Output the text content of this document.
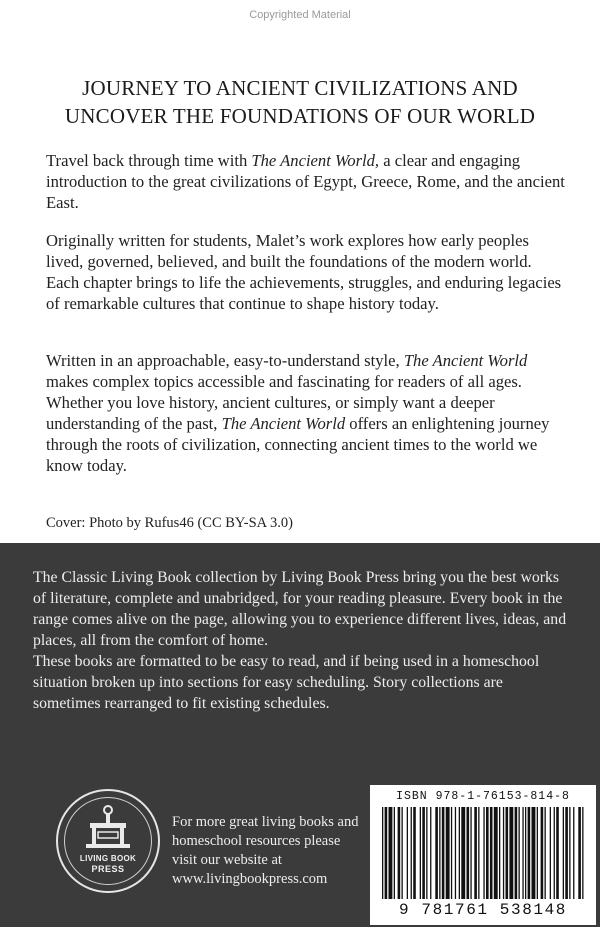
Copyrighted Material
JOURNEY TO ANCIENT CIVILIZATIONS AND
UNCOVER THE FOUNDATIONS OF OUR WORLD
Travel back through time with The Ancient World, a clear and engaging introduction to the great civilizations of Egypt, Greece, Rome, and the ancient East.
Originally written for students, Malet’s work explores how early peoples lived, governed, believed, and built the foundations of the modern world. Each chapter brings to life the achievements, struggles, and enduring legacies of remarkable cultures that continue to shape history today.
Written in an approachable, easy-to-understand style, The Ancient World makes complex topics accessible and fascinating for readers of all ages. Whether you love history, ancient cultures, or simply want a deeper understanding of the past, The Ancient World offers an enlightening journey through the roots of civilization, connecting ancient times to the world we know today.
Cover: Photo by Rufus46 (CC BY-SA 3.0)
The Classic Living Book collection by Living Book Press bring you the best works of literature, complete and unabridged, for your reading pleasure. Every book in the range comes alive on the page, allowing you to experience different lives, ideas, and places, all from the comfort of home.
These books are formatted to be easy to read, and if being used in a homeschool situation broken up into sections for easy scheduling. Story collections are sometimes rearranged to fit existing schedules.
LIVING BOOK
PRESS
For more great living books and homeschool resources please visit our website at www.livingbookpress.com
ISBN 978-1-76153-814-8
9 781761 538148
